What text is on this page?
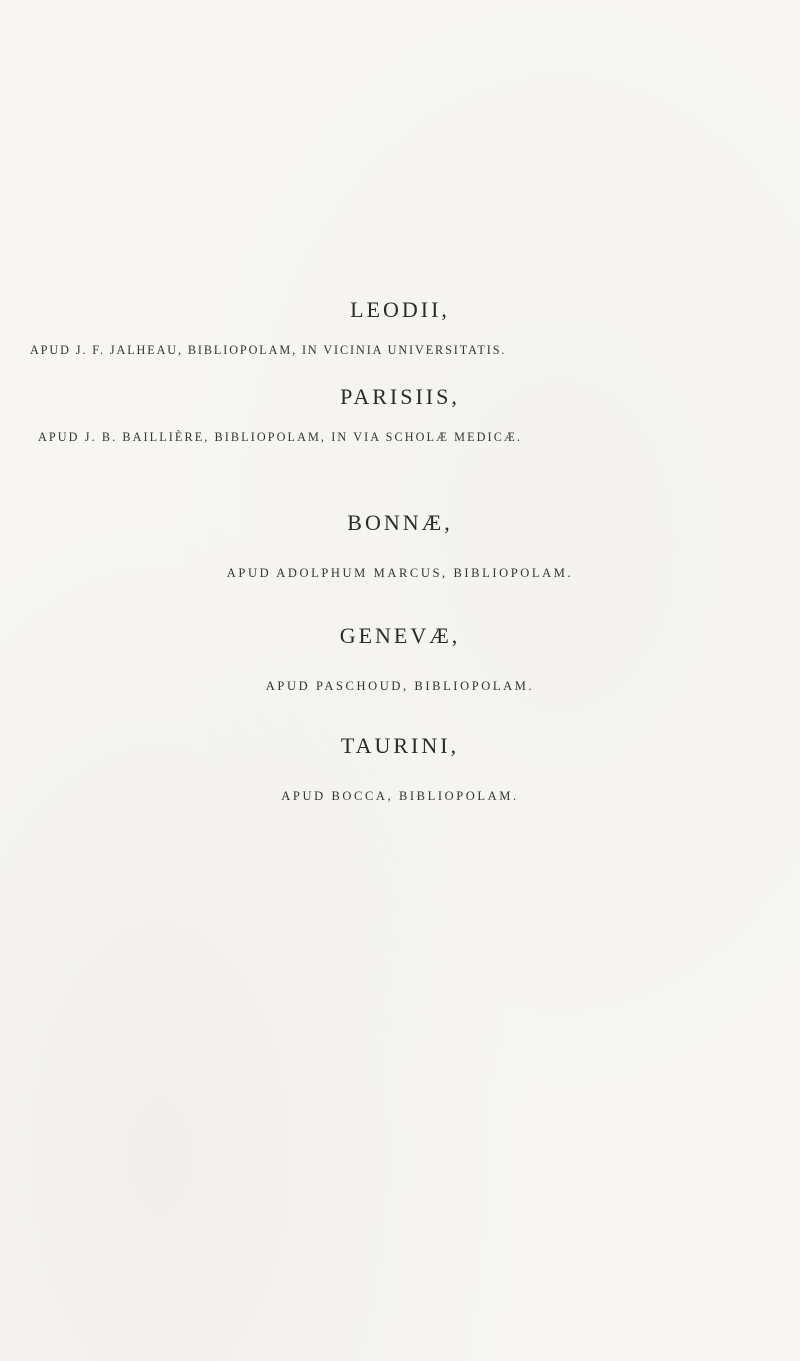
LEODII,
APUD J. F. JALHEAU, BIBLIOPOLAM, IN VICINIA UNIVERSITATIS.
PARISIIS,
APUD J. B. BAILLIÈRE, BIBLIOPOLAM, IN VIA SCHOLÆ MEDICÆ.
BONNÆ,
APUD ADOLPHUM MARCUS, BIBLIOPOLAM.
GENEVÆ,
APUD PASCHOUD, BIBLIOPOLAM.
TAURINI,
APUD BOCCA, BIBLIOPOLAM.
